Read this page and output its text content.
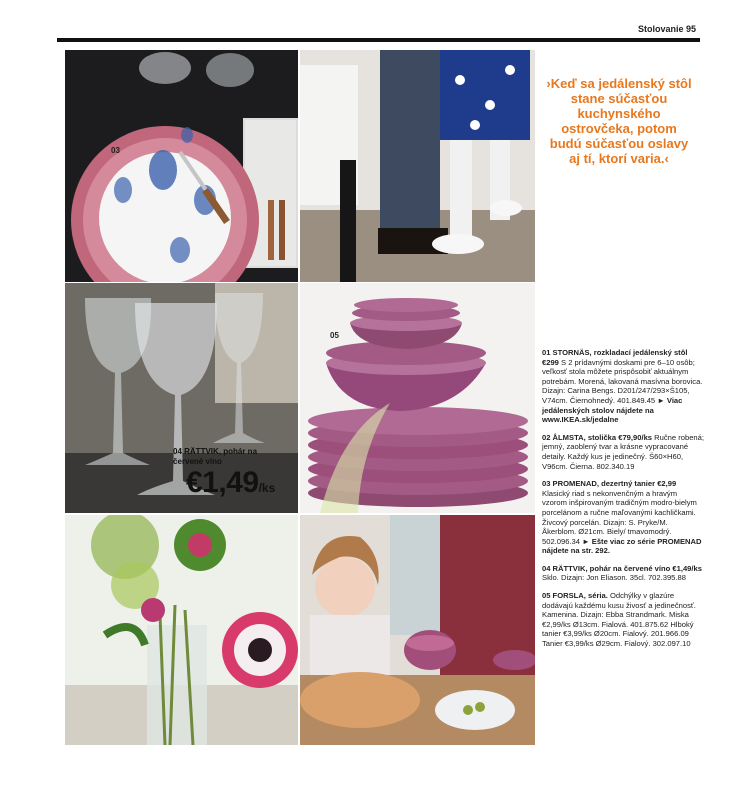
Stolovanie 95
03
›Keď sa jedálenský stôl stane súčasťou kuchynského ostrovčeka, potom budú súčasťou oslavy aj tí, ktorí varia.‹
04 RÄTTVIK, pohár na červené víno
€1,49/ks
05
01 STORNÄS, rozkladací jedálenský stôl €299 S 2 prídavnými doskami pre 6–10 osôb; veľkosť stola môžete prispôsobiť aktuálnym potrebám. Morená, lakovaná masívna borovica. Dizajn: Carina Bengs. D201/247/293×Š105, V74cm. Čiernohnedý. 401.849.45 ► Viac jedálenských stolov nájdete na www.IKEA.sk/jedalne
02 ÅLMSTA, stolička €79,90/ks Ručne robená; jemný, zaoblený tvar a krásne vypracované detaily. Každý kus je jedinečný. Š60×H60, V96cm. Čierna. 802.340.19
03 PROMENAD, dezertný tanier €2,99 Klasický riad s nekonvenčným a hravým vzorom inšpirovaným tradičným modro-bielym porcelánom a ručne maľovanými kachličkami. Živcový porcelán. Dizajn: S. Pryke/M. Åkerblom. Ø21cm. Biely/ tmavomodrý. 502.096.34 ► Ešte viac zo série PROMENAD nájdete na str. 292.
04 RÄTTVIK, pohár na červené víno €1,49/ks Sklo. Dizajn: Jon Eliason. 35cl. 702.395.88
05 FORSLA, séria. Odchýlky v glazúre dodávajú každému kusu živosť a jedinečnosť. Kamenina. Dizajn: Ebba Strandmark. Miska €2,99/ks Ø13cm. Fialová. 401.875.62 Hlboký tanier €3,99/ks Ø20cm. Fialový. 201.966.09 Tanier €3,99/ks Ø29cm. Fialový. 302.097.10
